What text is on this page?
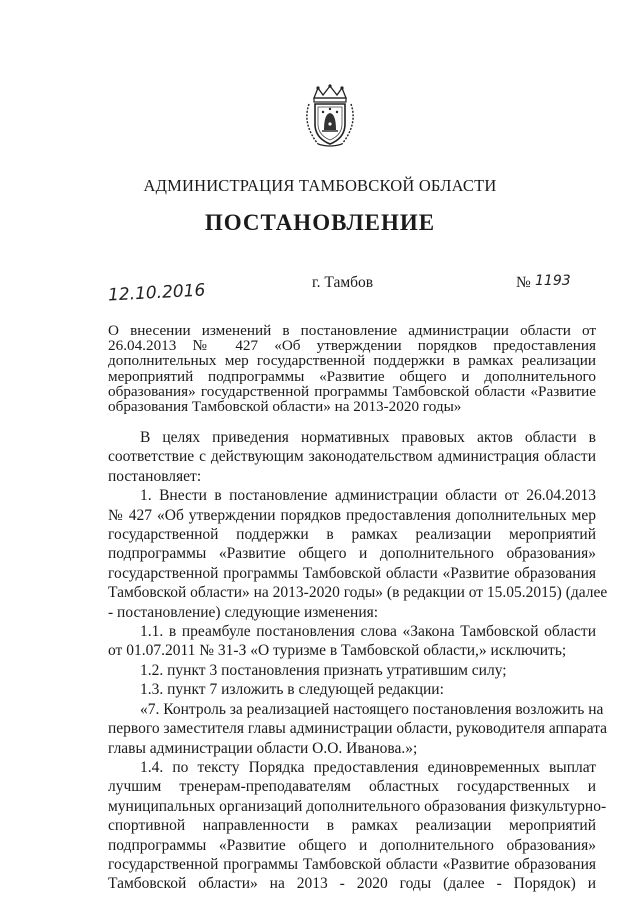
АДМИНИСТРАЦИЯ ТАМБОВСКОЙ ОБЛАСТИ
ПОСТАНОВЛЕНИЕ
12.10.2016	г. Тамбов	№ 1193

О внесении изменений в постановление администрации области от

26.04.2013 № 427 «Об утверждении порядков предоставления

дополнительных мер государственной поддержки в рамках реализации

мероприятий подпрограммы «Развитие общего и дополнительного

образования» государственной программы Тамбовской области «Развитие

образования Тамбовской области» на 2013-2020 годы»

В целях приведения нормативных правовых актов области в
соответствие с действующим законодательством администрация области
постановляет:
1. Внести в постановление администрации области от 26.04.2013
№ 427 «Об утверждении порядков предоставления дополнительных мер
государственной поддержки в рамках реализации мероприятий
подпрограммы «Развитие общего и дополнительного образования»
государственной программы Тамбовской области «Развитие образования
Тамбовской области» на 2013-2020 годы» (в редакции от 15.05.2015) (далее
- постановление) следующие изменения:
1.1. в преамбуле постановления слова «Закона Тамбовской области
от 01.07.2011 № 31-З «О туризме в Тамбовской области,» исключить;
1.2. пункт 3 постановления признать утратившим силу;
1.3. пункт 7 изложить в следующей редакции:
«7. Контроль за реализацией настоящего постановления возложить на
первого заместителя главы администрации области, руководителя аппарата
главы администрации области О.О. Иванова.»;
1.4. по тексту Порядка предоставления единовременных выплат
лучшим тренерам-преподавателям областных государственных и
муниципальных организаций дополнительного образования физкультурно-
спортивной направленности в рамках реализации мероприятий
подпрограммы «Развитие общего и дополнительного образования»
государственной программы Тамбовской области «Развитие образования
Тамбовской области» на 2013 - 2020 годы (далее - Порядок) и
